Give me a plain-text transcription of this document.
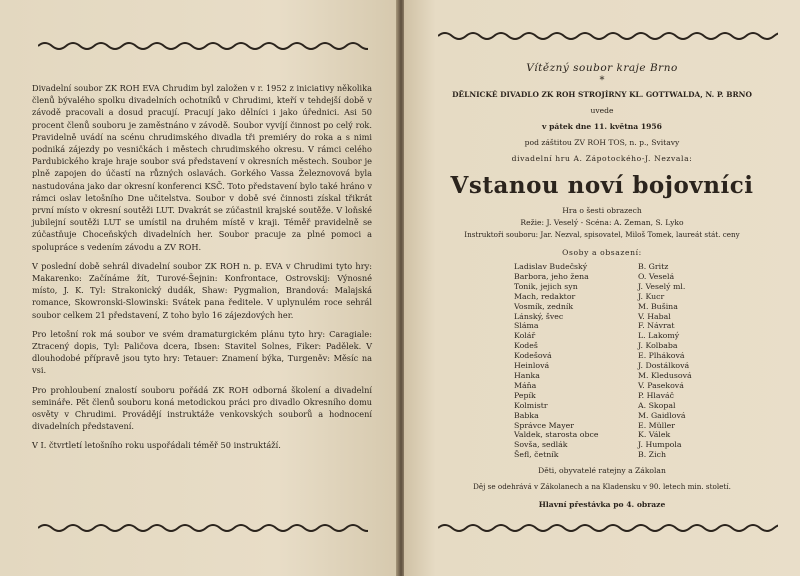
Divadelní soubor ZK ROH EVA Chrudim byl založen v r. 1952 z iniciativy několika členů bývalého spolku divadelních ochotníků v Chrudimi, kteří v tehdejší době v závodě pracovali a dosud pracují. Pracují jako dělníci i jako úřednici. Asi 50 procent členů souboru je zaměstnáno v závodě. Soubor vyvíjí činnost po celý rok. Pravidelně uvádí na scénu chrudimského divadla tři premiéry do roka a s nimi podniká zájezdy po vesničkách i městech chrudimského okresu. V rámci celého Pardubického kraje hraje soubor svá představení v okresních městech. Soubor je plně zapojen do účastí na různých oslavách. Gorkého Vassa Železnovová byla nastudována jako dar okresní konferenci KSČ. Toto představení bylo také hráno v rámci oslav letošního Dne učitelstva. Soubor v době své činnosti získal třikrát první místo v okresní soutěži LUT. Dvakrát se zúčastnil krajské soutěže. V loňské jubilejní soutěži LUT se umístil na druhém místě v kraji. Téměř pravidelně se zúčastňuje Choceňských divadelních her. Soubor pracuje za plné pomoci a spolupráce s vedením závodu a ZV ROH.

V poslední době sehrál divadelní soubor ZK ROH n. p. EVA v Chrudimi tyto hry: Makarenko: Začínáme žít, Turové-Šejnin: Konfrontace, Ostrovskij: Výnosné místo, J. K. Tyl: Strakonický dudák, Shaw: Pygmalion, Brandová: Malajská romance, Skowronski-Slowinski: Svátek pana ředitele. V uplynulém roce sehrál soubor celkem 21 představení, Z toho bylo 16 zájezdových her.

Pro letošní rok má soubor ve svém dramaturgickém plánu tyto hry: Caragiale: Ztracený dopis, Tyl: Paličova dcera, Ibsen: Stavitel Solnes, Fiker: Padělek. V dlouhodobé přípravě jsou tyto hry: Tetauer: Znamení býka, Turgeněv: Měsíc na vsi.

Pro prohloubení znalostí souboru pořádá ZK ROH odborná školení a divadelní semináře. Pět členů souboru koná metodickou práci pro divadlo Okresního domu osvěty v Chrudimi. Provádějí instruktáže venkovských souborů a hodnocení divadelních představení.

V I. čtvrtletí letošního roku uspořádali téměř 50 instruktáží.

Vítězný soubor kraje Brno
*
DĚLNICKÉ DIVADLO ZK ROH STROJÍRNY KL. GOTTWALDA, N. P. BRNO
uvede
v pátek dne 11. května 1956
pod záštitou ZV ROH TOS, n. p., Svitavy
divadelní hru A. Zápotockého-J. Nezvala:
Vstanou noví bojovníci
Hra o šesti obrazech
Režie: J. Veselý - Scéna: A. Zeman, S. Lyko
Instruktoři souboru: Jar. Nezval, spisovatel, Miloš Tomek, laureát stát. ceny
Osoby a obsazení:
Ladislav Budečský	B. Gritz
Barbora, jeho žena	O. Veselá
Tonik, jejich syn	J. Veselý ml.
Mach, redaktor	J. Kucr
Vosmík, zedník	M. Bušina
Lánský, švec	V. Habal
Sláma	F. Návrat
Kolář	L. Lakomý
Kodeš	J. Kolbaba
Kodešová	E. Plháková
Heinlová	J. Dostálková
Hanka	M. Kledusová
Máňa	V. Paseková
Pepík	P. Hlaváč
Kolmistr	A. Skopal
Babka	M. Gaidlová
Správce Mayer	E. Müller
Valdek, starosta obce	K. Válek
Sovša, sedlák	J. Humpola
Šefl, četník	B. Zich
Děti, obyvatelé ratejny a Zákolan
Děj se odehrává v Zákolanech a na Kladensku v 90. letech min. století.
Hlavní přestávka po 4. obraze
